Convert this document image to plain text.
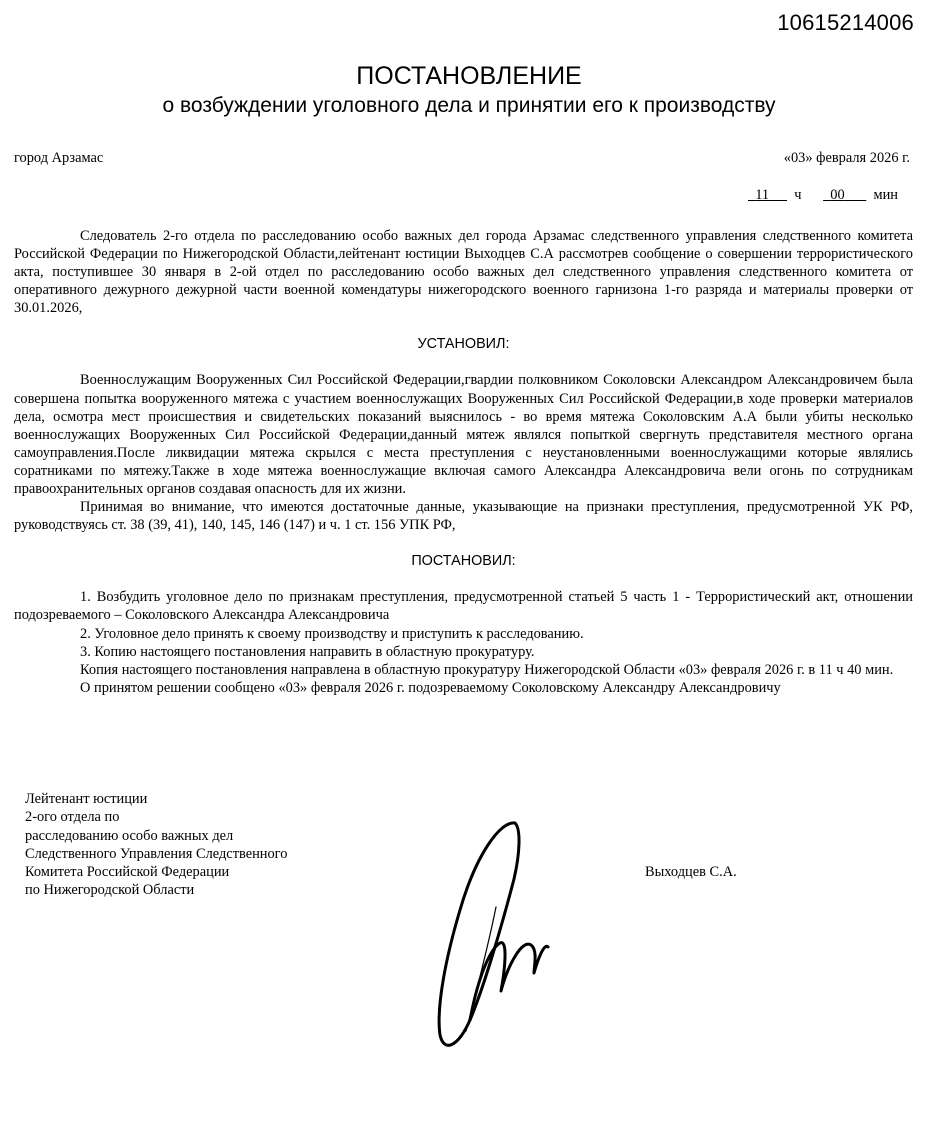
10615214006
ПОСТАНОВЛЕНИЕ
о возбуждении уголовного дела и принятии его к производству
город Арзамас	«03» февраля 2026 г.
11 ч 00 мин

Следователь 2-го отдела по расследованию особо важных дел города Арзамас следственного управления следственного комитета Российской Федерации по Нижегородской Области,лейтенант юстиции Выходцев С.А рассмотрев сообщение о совершении террористического акта, поступившее 30 января в 2-ой отдел по расследованию особо важных дел следственного управления следственного комитета от оперативного дежурного дежурной части военной комендатуры нижегородского военного гарнизона 1-го разряда и материалы проверки от 30.01.2026,

УСТАНОВИЛ:

Военнослужащим Вооруженных Сил Российской Федерации,гвардии полковником Соколовски Александром Александровичем была совершена попытка вооруженного мятежа с участием военнослужащих Вооруженных Сил Российской Федерации,в ходе проверки материалов дела, осмотра мест происшествия и свидетельских показаний выяснилось - во время мятежа Соколовским А.А были убиты несколько военнослужащих Вооруженных Сил Российской Федерации,данный мятеж являлся попыткой свергнуть представителя местного органа самоуправления.После ликвидации мятежа скрылся с места преступления с неустановленными военнослужащими которые являлись соратниками по мятежу.Также в ходе мятежа военнослужащие включая самого Александра Александровича вели огонь по сотрудникам правоохранительных органов создавая опасность для их жизни.

Принимая во внимание, что имеются достаточные данные, указывающие на признаки преступления, предусмотренной УК РФ, руководствуясь ст. 38 (39, 41), 140, 145, 146 (147) и ч. 1 ст. 156 УПК РФ,

ПОСТАНОВИЛ:

1. Возбудить уголовное дело по признакам преступления, предусмотренной статьей 5 часть 1 - Террористический акт, отношении подозреваемого – Соколовского Александра Александровича

2. Уголовное дело принять к своему производству и приступить к расследованию.

3. Копию настоящего постановления направить в областную прокуратуру.

Копия настоящего постановления направлена в областную прокуратуру Нижегородской Области «03» февраля 2026 г. в 11 ч 40 мин.

О принятом решении сообщено «03» февраля 2026 г. подозреваемому Соколовскому Александру Александровичу

Лейтенант юстиции
2-ого отдела по
расследованию особо важных дел
Следственного Управления Следственного
Комитета Российской Федерации
по Нижегородской Области
Выходцев С.А.
